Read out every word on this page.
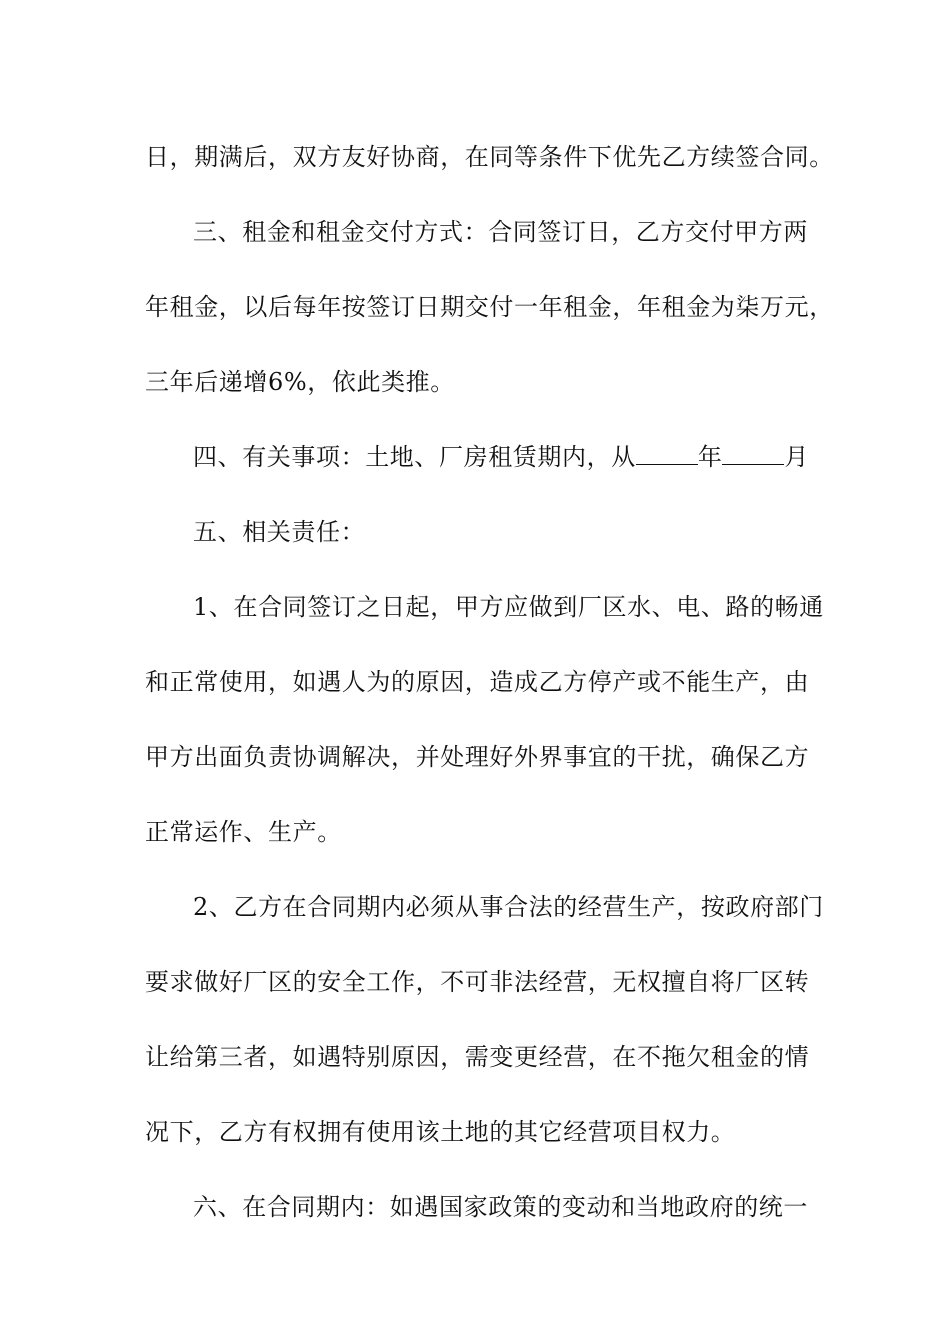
日，期满后，双方友好协商，在同等条件下优先乙方续签合同。
三、租金和租金交付方式：合同签订日，乙方交付甲方两
年租金，以后每年按签订日期交付一年租金，年租金为柒万元，
三年后递增6%，依此类推。
四、有关事项：土地、厂房租赁期内，从	年	月
五、相关责任：
1、在合同签订之日起，甲方应做到厂区水、电、路的畅通
和正常使用，如遇人为的原因，造成乙方停产或不能生产，由
甲方出面负责协调解决，并处理好外界事宜的干扰，确保乙方
正常运作、生产。
2、乙方在合同期内必须从事合法的经营生产，按政府部门
要求做好厂区的安全工作，不可非法经营，无权擅自将厂区转
让给第三者，如遇特别原因，需变更经营，在不拖欠租金的情
况下，乙方有权拥有使用该土地的其它经营项目权力。
六、在合同期内：如遇国家政策的变动和当地政府的统一
